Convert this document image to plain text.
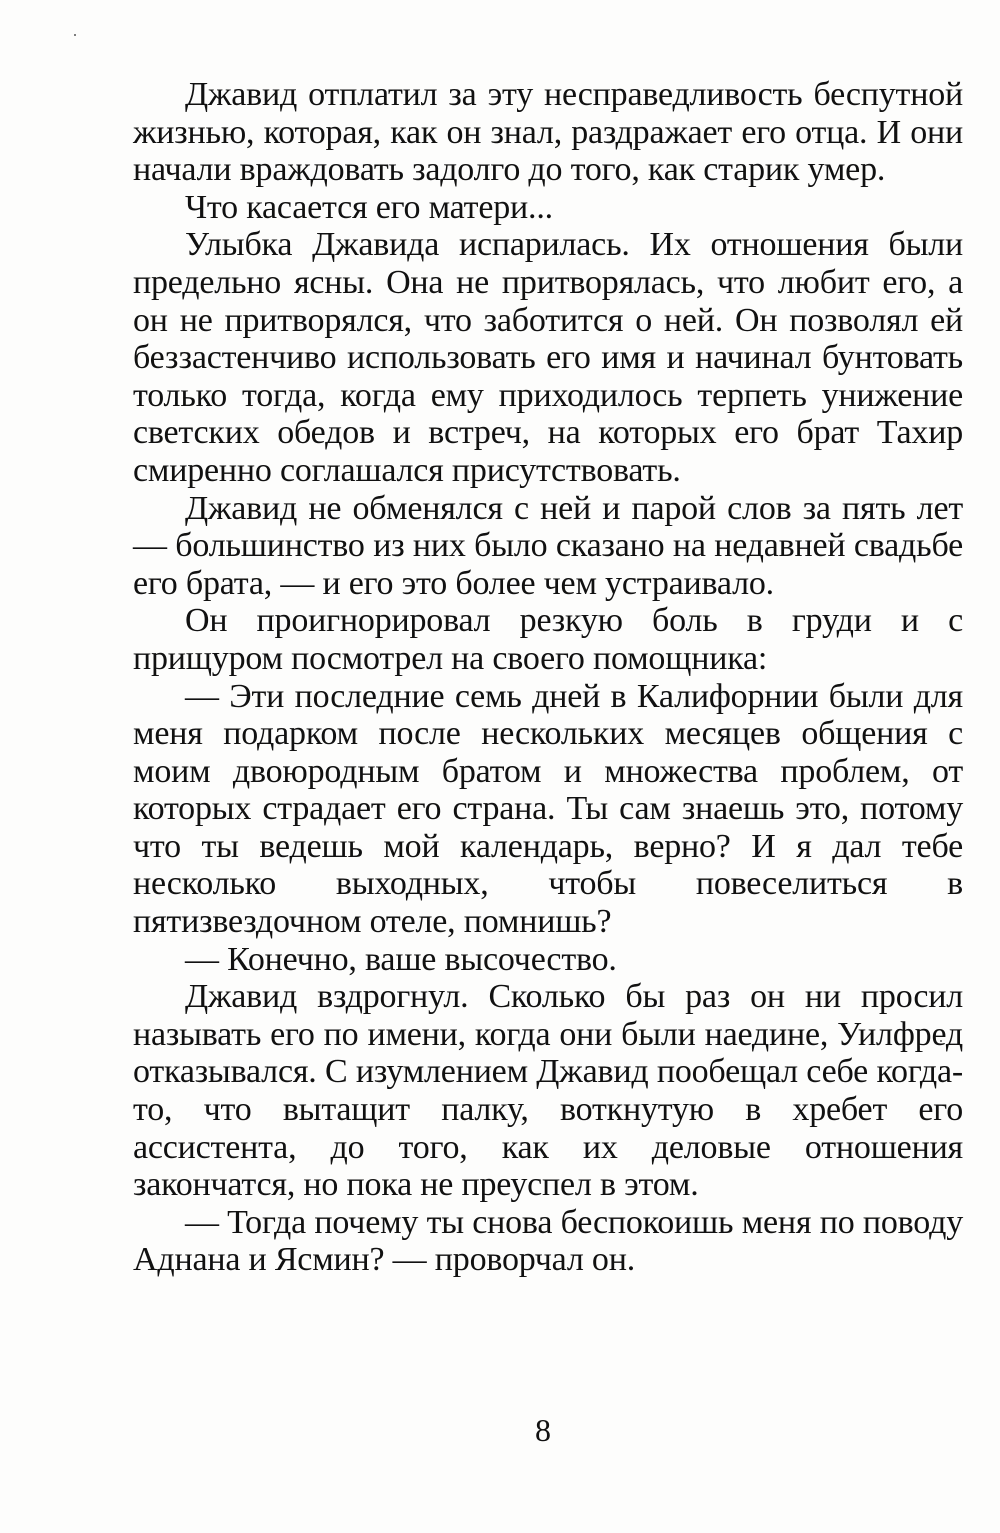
Джавид отплатил за эту несправедливость беспутной жизнью, которая, как он знал, раздражает его отца. И они начали враждовать задолго до того, как старик умер.

Что касается его матери...

Улыбка Джавида испарилась. Их отношения были предельно ясны. Она не притворялась, что любит его, а он не притворялся, что заботится о ней. Он позволял ей беззастенчиво использовать его имя и начинал бунтовать только тогда, когда ему приходилось терпеть унижение светских обедов и встреч, на которых его брат Тахир смиренно соглашался присутствовать.

Джавид не обменялся с ней и парой слов за пять лет — большинство из них было сказано на недавней свадьбе его брата, — и его это более чем устраивало.

Он проигнорировал резкую боль в груди и с прищуром посмотрел на своего помощника:

— Эти последние семь дней в Калифорнии были для меня подарком после нескольких месяцев общения с моим двоюродным братом и множества проблем, от которых страдает его страна. Ты сам знаешь это, потому что ты ведешь мой календарь, верно? И я дал тебе несколько выходных, чтобы повеселиться в пятизвездочном отеле, помнишь?

— Конечно, ваше высочество.

Джавид вздрогнул. Сколько бы раз он ни просил называть его по имени, когда они были наедине, Уилфред отказывался. С изумлением Джавид пообещал себе когда-то, что вытащит палку, воткнутую в хребет его ассистента, до того, как их деловые отношения закончатся, но пока не преуспел в этом.

— Тогда почему ты снова беспокоишь меня по поводу Аднана и Ясмин? — проворчал он.

8
